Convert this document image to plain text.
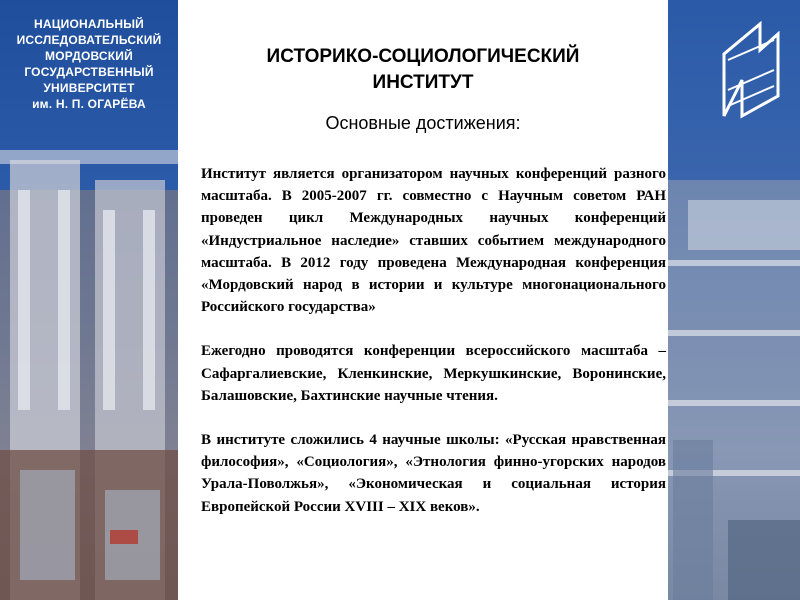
НАЦИОНАЛЬНЫЙ
ИССЛЕДОВАТЕЛЬСКИЙ
МОРДОВСКИЙ
ГОСУДАРСТВЕННЫЙ
УНИВЕРСИТЕТ
им. Н. П. ОГАРЁВА
ИСТОРИКО-СОЦИОЛОГИЧЕСКИЙ
ИНСТИТУТ
Основные достижения:

Институт является организатором научных конференций разного масштаба. В 2005-2007 гг. совместно с Научным советом РАН проведен цикл Международных научных конференций «Индустриальное наследие» ставших событием международного масштаба. В 2012 году проведена Международная конференция «Мордовский народ в истории и культуре многонационального Российского государства»

Ежегодно проводятся конференции всероссийского масштаба – Сафаргалиевские, Кленкинские, Меркушкинские, Воронинские, Балашовские, Бахтинские научные чтения.

В институте сложились 4 научные школы: «Русская нравственная философия», «Социология», «Этнология финно-угорских народов Урала-Поволжья», «Экономическая и социальная история Европейской России XVIII – XIX веков».
